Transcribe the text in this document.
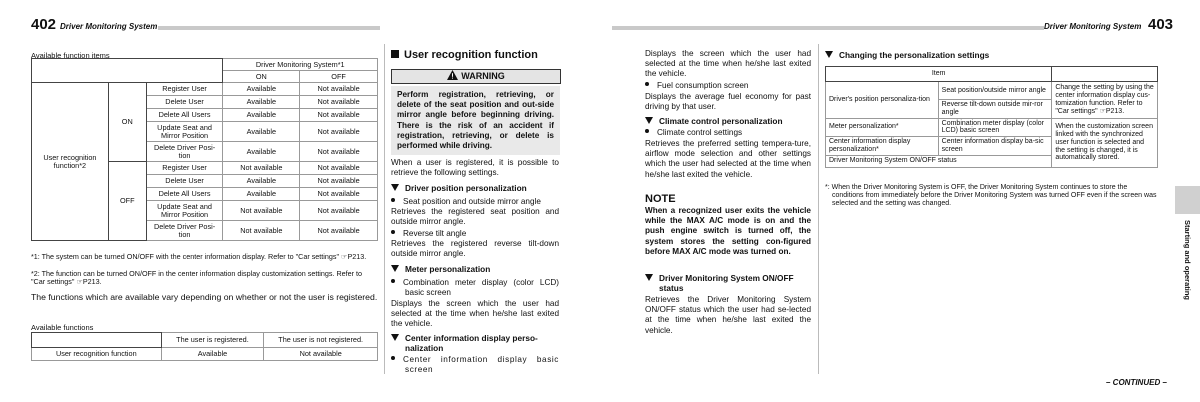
402 Driver Monitoring System
Available function items
			Driver Monitoring System*1	
			ON	OFF
User recognition function*2	ON	Register User	Available	Not available
		Delete User	Available	Not available
		Delete All Users	Available	Not available
		Update Seat and Mirror Position	Available	Not available
		Delete Driver Posi-tion	Available	Not available
	OFF	Register User	Not available	Not available
		Delete User	Available	Not available
		Delete All Users	Available	Not available
		Update Seat and Mirror Position	Not available	Not available
		Delete Driver Posi-tion	Not available	Not available
*1: The system can be turned ON/OFF with the center information display. Refer to "Car settings" ☞P213.
*2: The function can be turned ON/OFF in the center information display customization settings. Refer to "Car settings" ☞P213.
The functions which are available vary depending on whether or not the user is registered.
Available functions
	The user is registered.	The user is not registered.
User recognition function	Available	Not available
User recognition function
WARNING
Perform registration, retrieving, or delete of the seat position and out-side mirror angle before beginning driving. There is the risk of an accident if registration, retrieving, or delete is performed while driving.
When a user is registered, it is possible to retrieve the following settings.
Driver position personalization
Seat position and outside mirror angle
Retrieves the registered seat position and outside mirror angle.
Reverse tilt angle
Retrieves the registered reverse tilt-down outside mirror angle.
Meter personalization
Combination meter display (color LCD) basic screen
Displays the screen which the user had selected at the time when he/she last exited the vehicle.
Center information display perso-nalization
Center information display basic screen
Driver Monitoring System 403
Displays the screen which the user had selected at the time when he/she last exited the vehicle.
Fuel consumption screen
Displays the average fuel economy for past driving by that user.
Climate control personalization
Climate control settings
Retrieves the preferred setting tempera-ture, airflow mode selection and other settings which the user had selected at the time when he/she last exited the vehicle.
NOTE
When a recognized user exits the vehicle while the MAX A/C mode is on and the push engine switch is turned off, the system stores the setting con-figured before MAX A/C mode was turned on.
Driver Monitoring System ON/OFF status
Retrieves the Driver Monitoring System ON/OFF status which the user had se-lected at the time when he/she last exited the vehicle.
Changing the personalization settings
Item		
Driver's position personaliza-tion	Seat position/outside mirror angle	Change the setting by using the center information display cus-tomization function. Refer to "Car settings" ☞P213.
	Reverse tilt-down outside mir-ror angle	
Meter personalization*	Combination meter display (color LCD) basic screen	When the customization screen linked with the synchronized user function is selected and the setting is changed, it is automatically stored.
Center information display personalization*	Center information display ba-sic screen	
Driver Monitoring System ON/OFF status		
*: When the Driver Monitoring System is OFF, the Driver Monitoring System continues to store the conditions from immediately before the Driver Monitoring System was turned OFF even if the screen was selected and the setting was changed.
Starting and operating
– CONTINUED –
